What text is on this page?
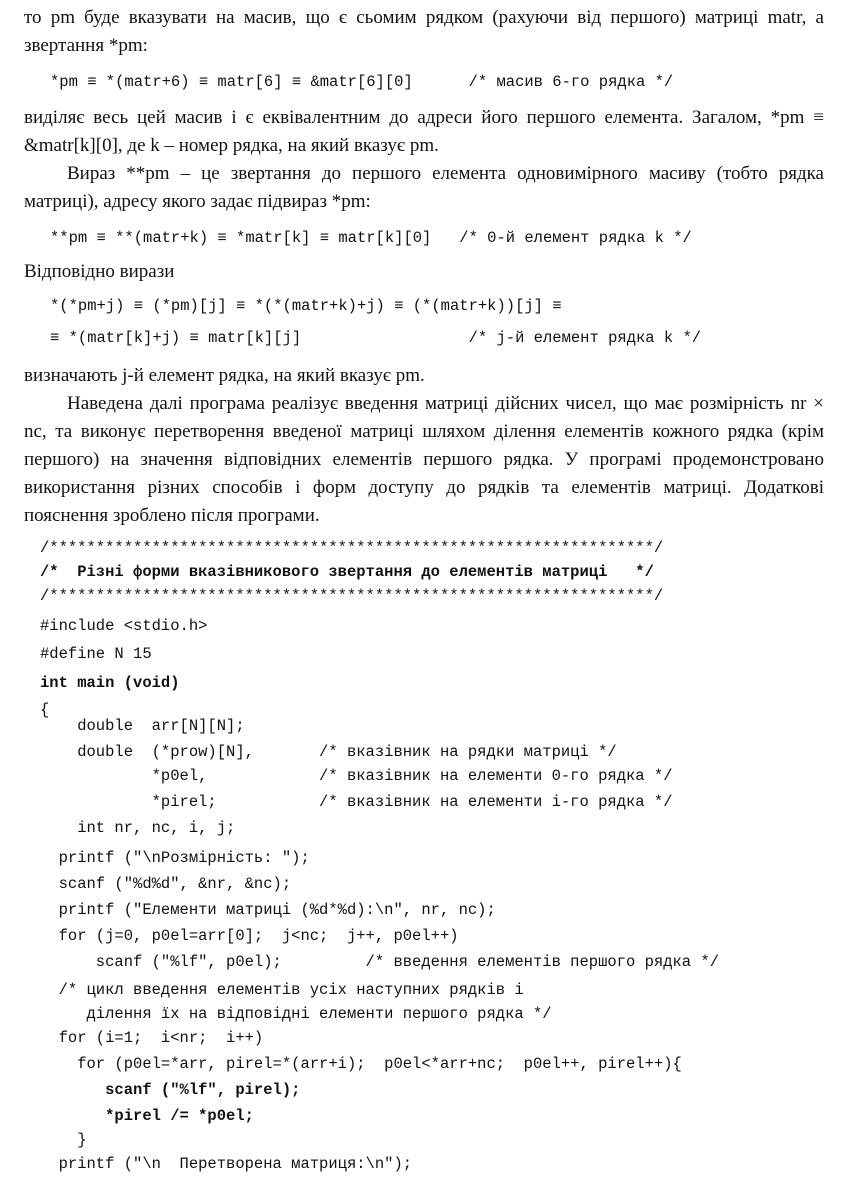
то pm буде вказувати на масив, що є сьомим рядком (рахуючи від першого) матриці matr, а звертання *pm:

*pm ≡ *(matr+6) ≡ matr[6] ≡ &matr[6][0]      /* масив 6-го рядка */

виділяє весь цей масив і є еквівалентним до адреси його першого елемента. Загалом, *pm ≡ &matr[k][0], де k – номер рядка, на який вказує pm.

Вираз **pm – це звертання до першого елемента одновимірного масиву (тобто рядка матриці), адресу якого задає підвираз *pm:

**pm ≡ **(matr+k) ≡ *matr[k] ≡ matr[k][0]   /* 0-й елемент рядка k */

Відповідно вирази

*(*pm+j) ≡ (*pm)[j] ≡ *(*(matr+k)+j) ≡ (*(matr+k))[j] ≡
≡ *(matr[k]+j) ≡ matr[k][j]                  /* j-й елемент рядка k */

визначають j-й елемент рядка, на який вказує pm.

Наведена далі програма реалізує введення матриці дійсних чисел, що має розмірність nr × nc, та виконує перетворення введеної матриці шляхом ділення елементів кожного рядка (крім першого) на значення відповідних елементів першого рядка. У програмі продемонстровано використання різних способів і форм доступу до рядків та елементів матриці. Додаткові пояснення зроблено після програми.

/*****************************************************************/
/*  Різні форми вказівникового звертання до елементів матриці   */
/*****************************************************************/
#include <stdio.h>
#define N 15
int main (void)
{
double  arr[N][N];
double  (*prow)[N],       /* вказівник на рядки матриці */
*p0el,            /* вказівник на елементи 0-го рядка */
*pirel;           /* вказівник на елементи i-го рядка */
int nr, nc, i, j;
printf ("\nРозмірність: ");
scanf ("%d%d", &nr, &nc);
printf ("Елементи матриці (%d*%d):\n", nr, nc);
for (j=0, p0el=arr[0];  j<nc;  j++, p0el++)
scanf ("%lf", p0el);         /* введення елементів першого рядка */
/* цикл введення елементів усіх наступних рядків і
ділення їх на відповідні елементи першого рядка */
for (i=1;  i<nr;  i++)
for (p0el=*arr, pirel=*(arr+i);  p0el<*arr+nc;  p0el++, pirel++){
scanf ("%lf", pirel);
*pirel /= *p0el;
}
printf ("\n  Перетворена матриця:\n");
